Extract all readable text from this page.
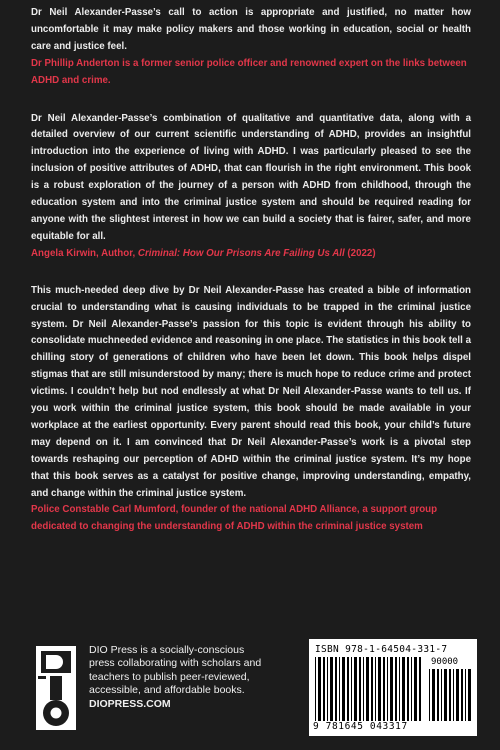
Dr Neil Alexander-Passe’s call to action is appropriate and justified, no matter how uncomfortable it may make policy makers and those working in education, social or health care and justice feel.

Dr Phillip Anderton is a former senior police officer and renowned expert on the links between ADHD and crime.

Dr Neil Alexander-Passe’s combination of qualitative and quantitative data, along with a detailed overview of our current scientific understanding of ADHD, provides an insightful introduction into the experience of living with ADHD. I was particularly pleased to see the inclusion of positive attributes of ADHD, that can flourish in the right environment. This book is a robust exploration of the journey of a person with ADHD from childhood, through the education system and into the criminal justice system and should be required reading for anyone with the slightest interest in how we can build a society that is fairer, safer, and more equitable for all.

Angela Kirwin, Author, Criminal: How Our Prisons Are Failing Us All (2022)

This much-needed deep dive by Dr Neil Alexander-Passe has created a bible of information crucial to understanding what is causing individuals to be trapped in the criminal justice system. Dr Neil Alexander-Passe’s passion for this topic is evident through his ability to consolidate muchneeded evidence and reasoning in one place. The statistics in this book tell a chilling story of generations of children who have been let down. This book helps dispel stigmas that are still misunderstood by many; there is much hope to reduce crime and protect victims. I couldn’t help but nod endlessly at what Dr Neil Alexander-Passe wants to tell us. If you work within the criminal justice system, this book should be made available in your workplace at the earliest opportunity. Every parent should read this book, your child’s future may depend on it. I am convinced that Dr Neil Alexander-Passe’s work is a pivotal step towards reshaping our perception of ADHD within the criminal justice system. It’s my hope that this book serves as a catalyst for positive change, improving understanding, empathy, and change within the criminal justice system.

Police Constable Carl Mumford, founder of the national ADHD Alliance, a support group dedicated to changing the understanding of ADHD within the criminal justice system

DIO Press is a socially-conscious press collaborating with scholars and teachers to publish peer-reviewed, accessible, and affordable books.
DIOPRESS.COM
ISBN 978-1-64504-331-7
90000
9 781645 043317
